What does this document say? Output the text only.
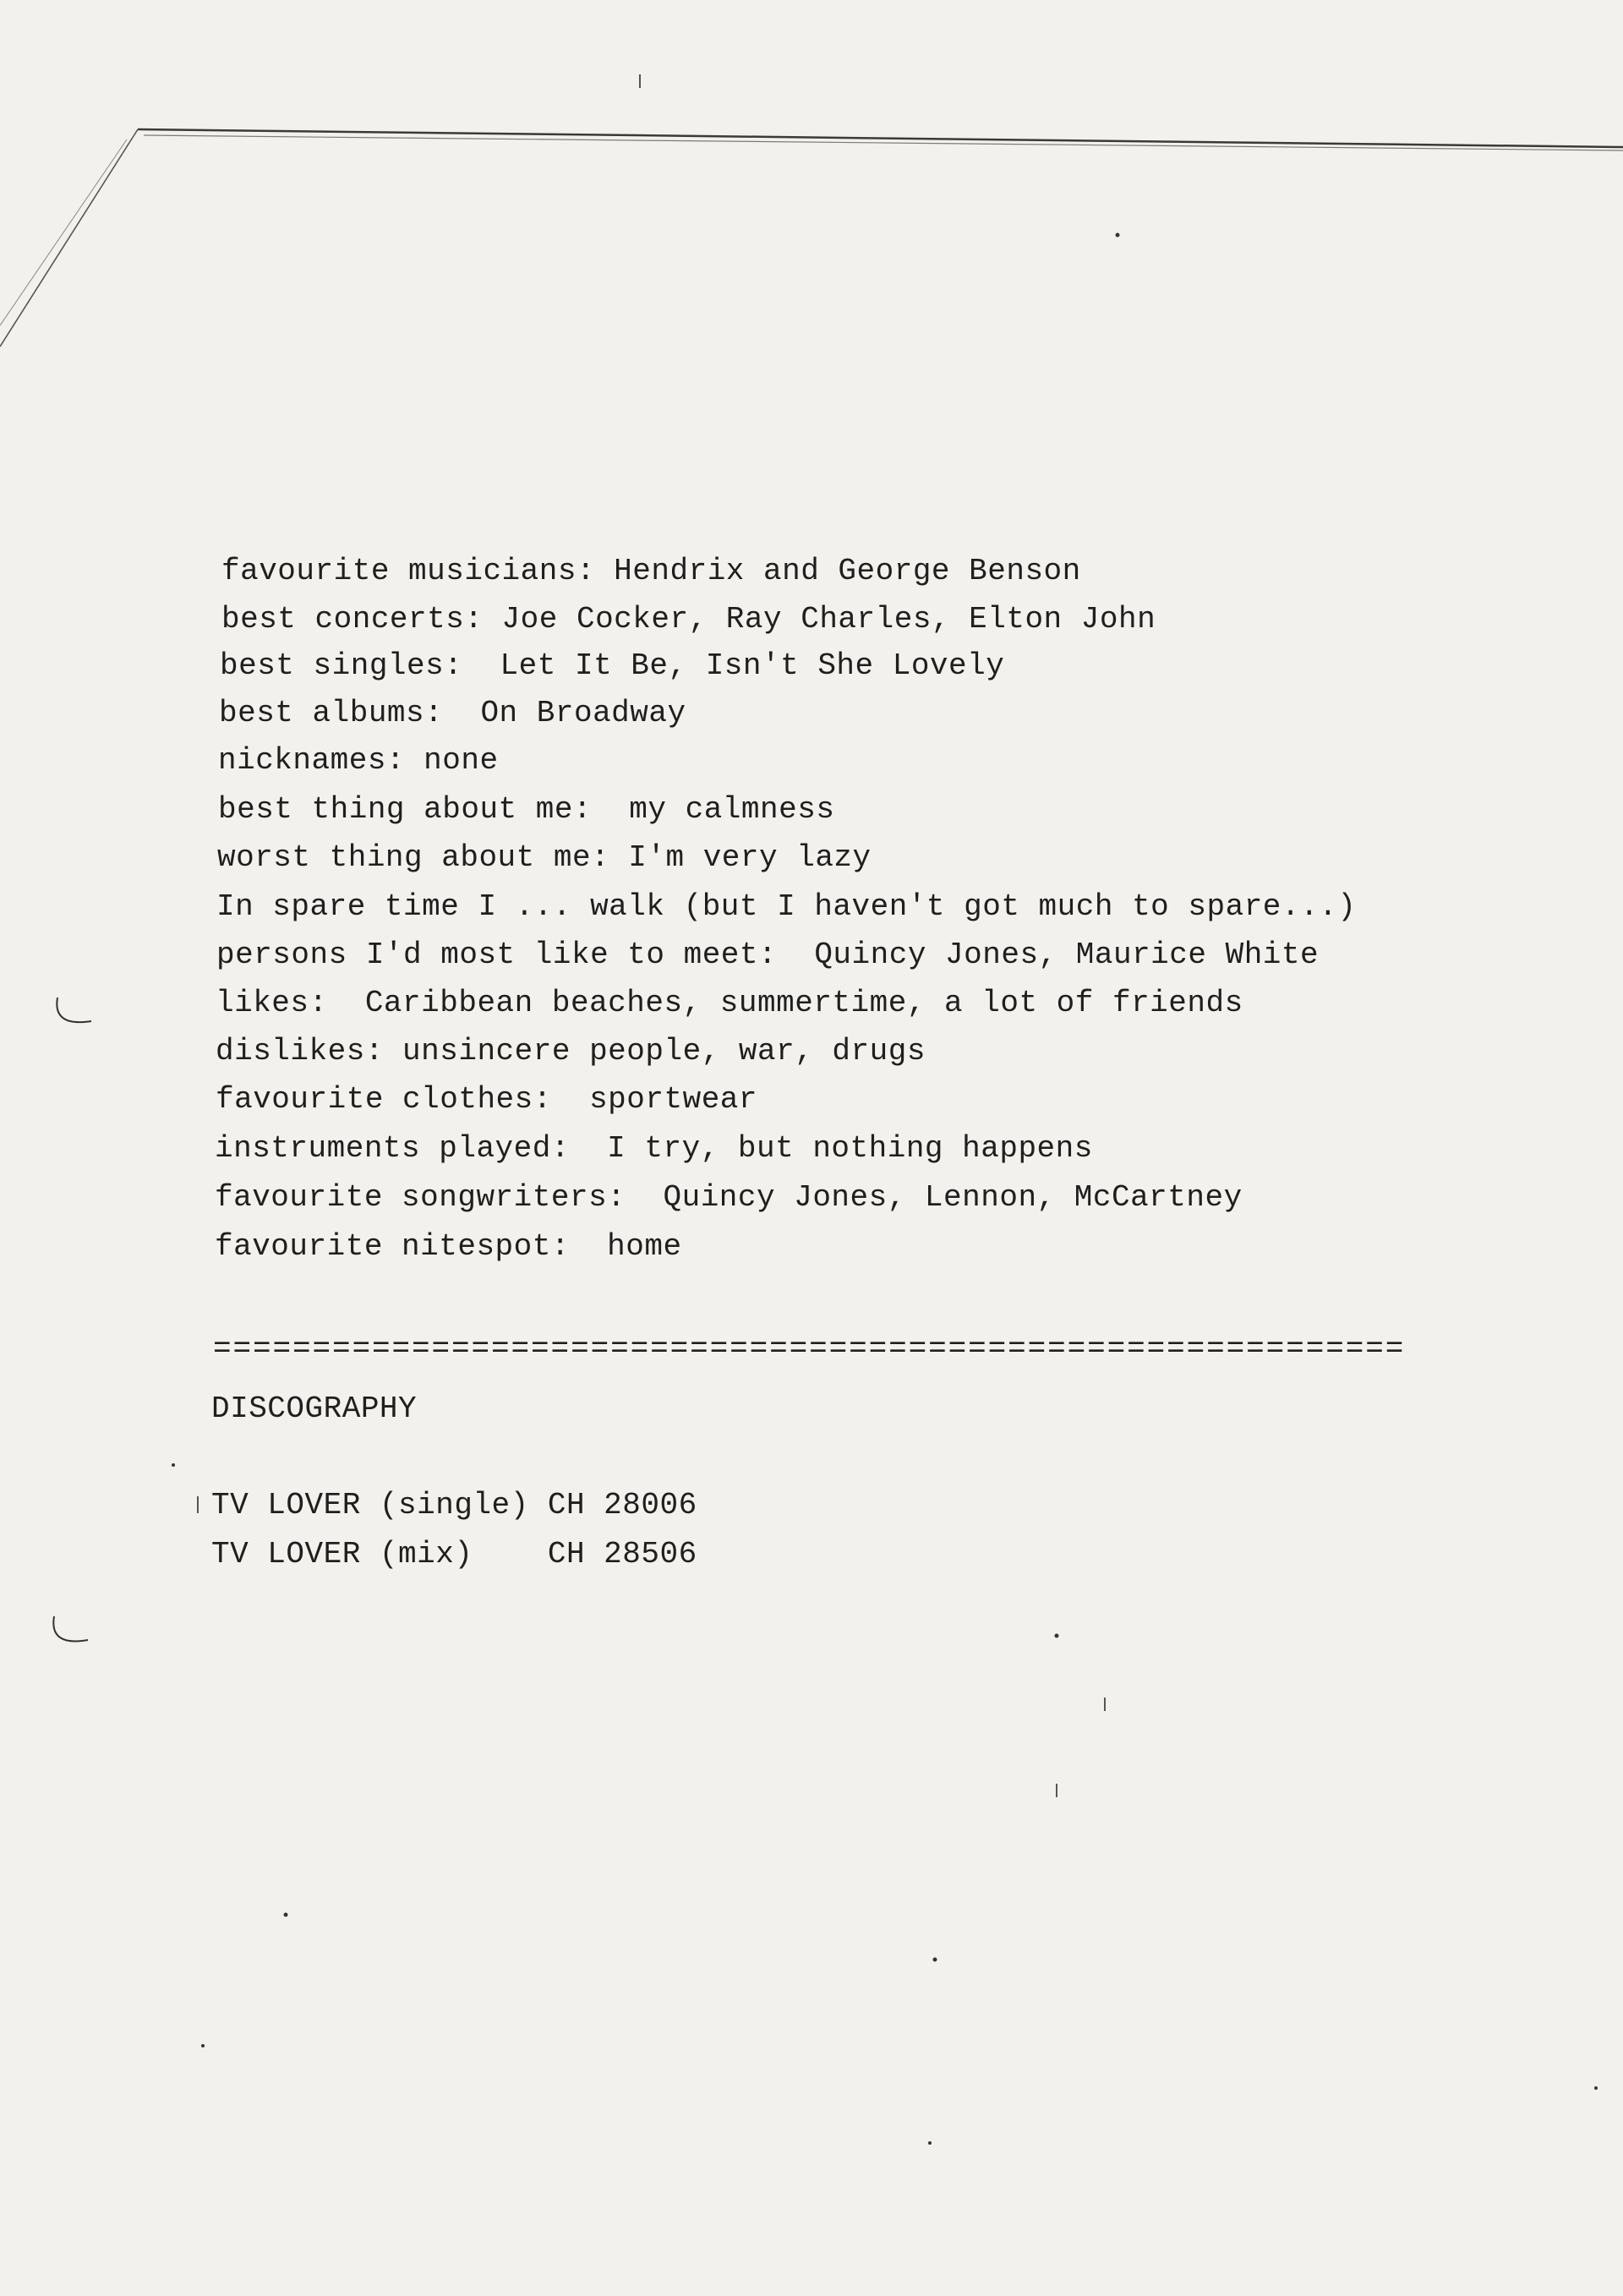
favourite musicians: Hendrix and George Benson
best concerts: Joe Cocker, Ray Charles, Elton John
best singles:  Let It Be, Isn't She Lovely
best albums:  On Broadway
nicknames: none
best thing about me:  my calmness
worst thing about me: I'm very lazy
In spare time I ... walk (but I haven't got much to spare...)
persons I'd most like to meet:  Quincy Jones, Maurice White
likes:  Caribbean beaches, summertime, a lot of friends
dislikes: unsincere people, war, drugs
favourite clothes:  sportwear
instruments played:  I try, but nothing happens
favourite songwriters:  Quincy Jones, Lennon, McCartney
favourite nitespot:  home
============================================================
DISCOGRAPHY
TV LOVER (single) CH 28006
TV LOVER (mix)    CH 28506
